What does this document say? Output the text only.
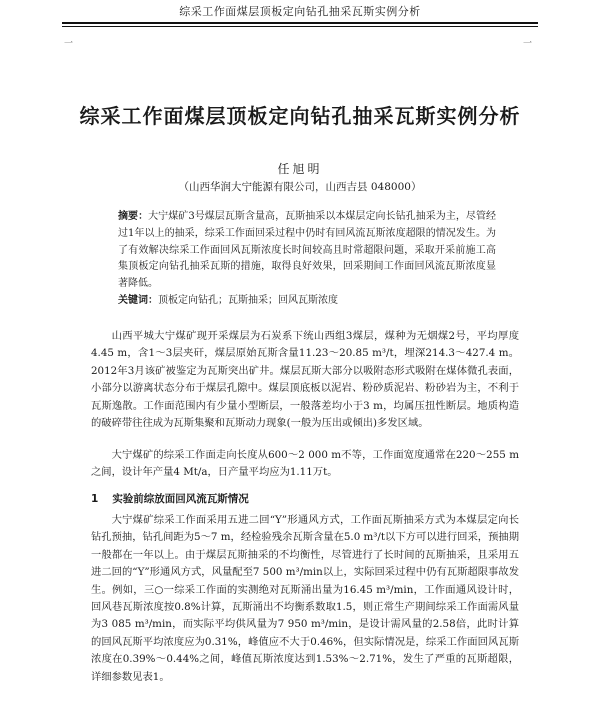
综采工作面煤层顶板定向钻孔抽采瓦斯实例分析
一	一
综采工作面煤层顶板定向钻孔抽采瓦斯实例分析
任旭明
（山西华润大宁能源有限公司，山西吉县 048000）
摘要：大宁煤矿3号煤层瓦斯含量高，瓦斯抽采以本煤层定向长钻孔抽采为主，尽管经过1年以上的抽采，综采工作面回采过程中仍时有回风流瓦斯浓度超限的情况发生。为了有效解决综采工作面回风瓦斯浓度长时间较高且时常超限问题，采取开采前施工高集顶板定向钻孔抽采瓦斯的措施，取得良好效果，回采期间工作面回风流瓦斯浓度显著降低。
关键词：顶板定向钻孔；瓦斯抽采；回风瓦斯浓度

山西平城大宁煤矿现开采煤层为石炭系下统山西组3煤层，煤种为无烟煤2号，平均厚度4.45 m，含1～3层夹矸，煤层原始瓦斯含量11.23～20.85 m³/t，埋深214.3～427.4 m。2012年3月该矿被鉴定为瓦斯突出矿井。煤层瓦斯大部分以吸附态形式吸附在煤体微孔表面，小部分以游离状态分布于煤层孔隙中。煤层顶底板以泥岩、粉砂质泥岩、粉砂岩为主，不利于瓦斯逸散。工作面范围内有少量小型断层，一般落差均小于3 m，均属压扭性断层。地质构造的破碎带往往成为瓦斯集聚和瓦斯动力现象(一般为压出或倾出)多发区域。

大宁煤矿的综采工作面走向长度从600～2 000 m不等，工作面宽度通常在220～255 m之间，设计年产量4 Mt/a，日产量平均应为1.11万t。

1 实验前综放面回风流瓦斯情况

大宁煤矿综采工作面采用五进二回“Y”形通风方式，工作面瓦斯抽采方式为本煤层定向长钻孔预抽，钻孔间距为5～7 m，经检验残余瓦斯含量在5.0 m³/t以下方可以进行回采，预抽期一般都在一年以上。由于煤层瓦斯抽采的不均衡性，尽管进行了长时间的瓦斯抽采，且采用五进二回的“Y”形通风方式，风量配至7 500 m³/min以上，实际回采过程中仍有瓦斯超限事故发生。例如，三○一综采工作面的实测绝对瓦斯涌出量为16.45 m³/min，工作面通风设计时，回风巷瓦斯浓度按0.8%计算，瓦斯涌出不均衡系数取1.5，则正常生产期间综采工作面需风量为3 085 m³/min，而实际平均供风量为7 950 m³/min，是设计需风量的2.58倍，此时计算的回风瓦斯平均浓度应为0.31%，峰值应不大于0.46%，但实际情况是，综采工作面回风瓦斯浓度在0.39%～0.44%之间，峰值瓦斯浓度达到1.53%～2.71%，发生了严重的瓦斯超限，详细参数见表1。
